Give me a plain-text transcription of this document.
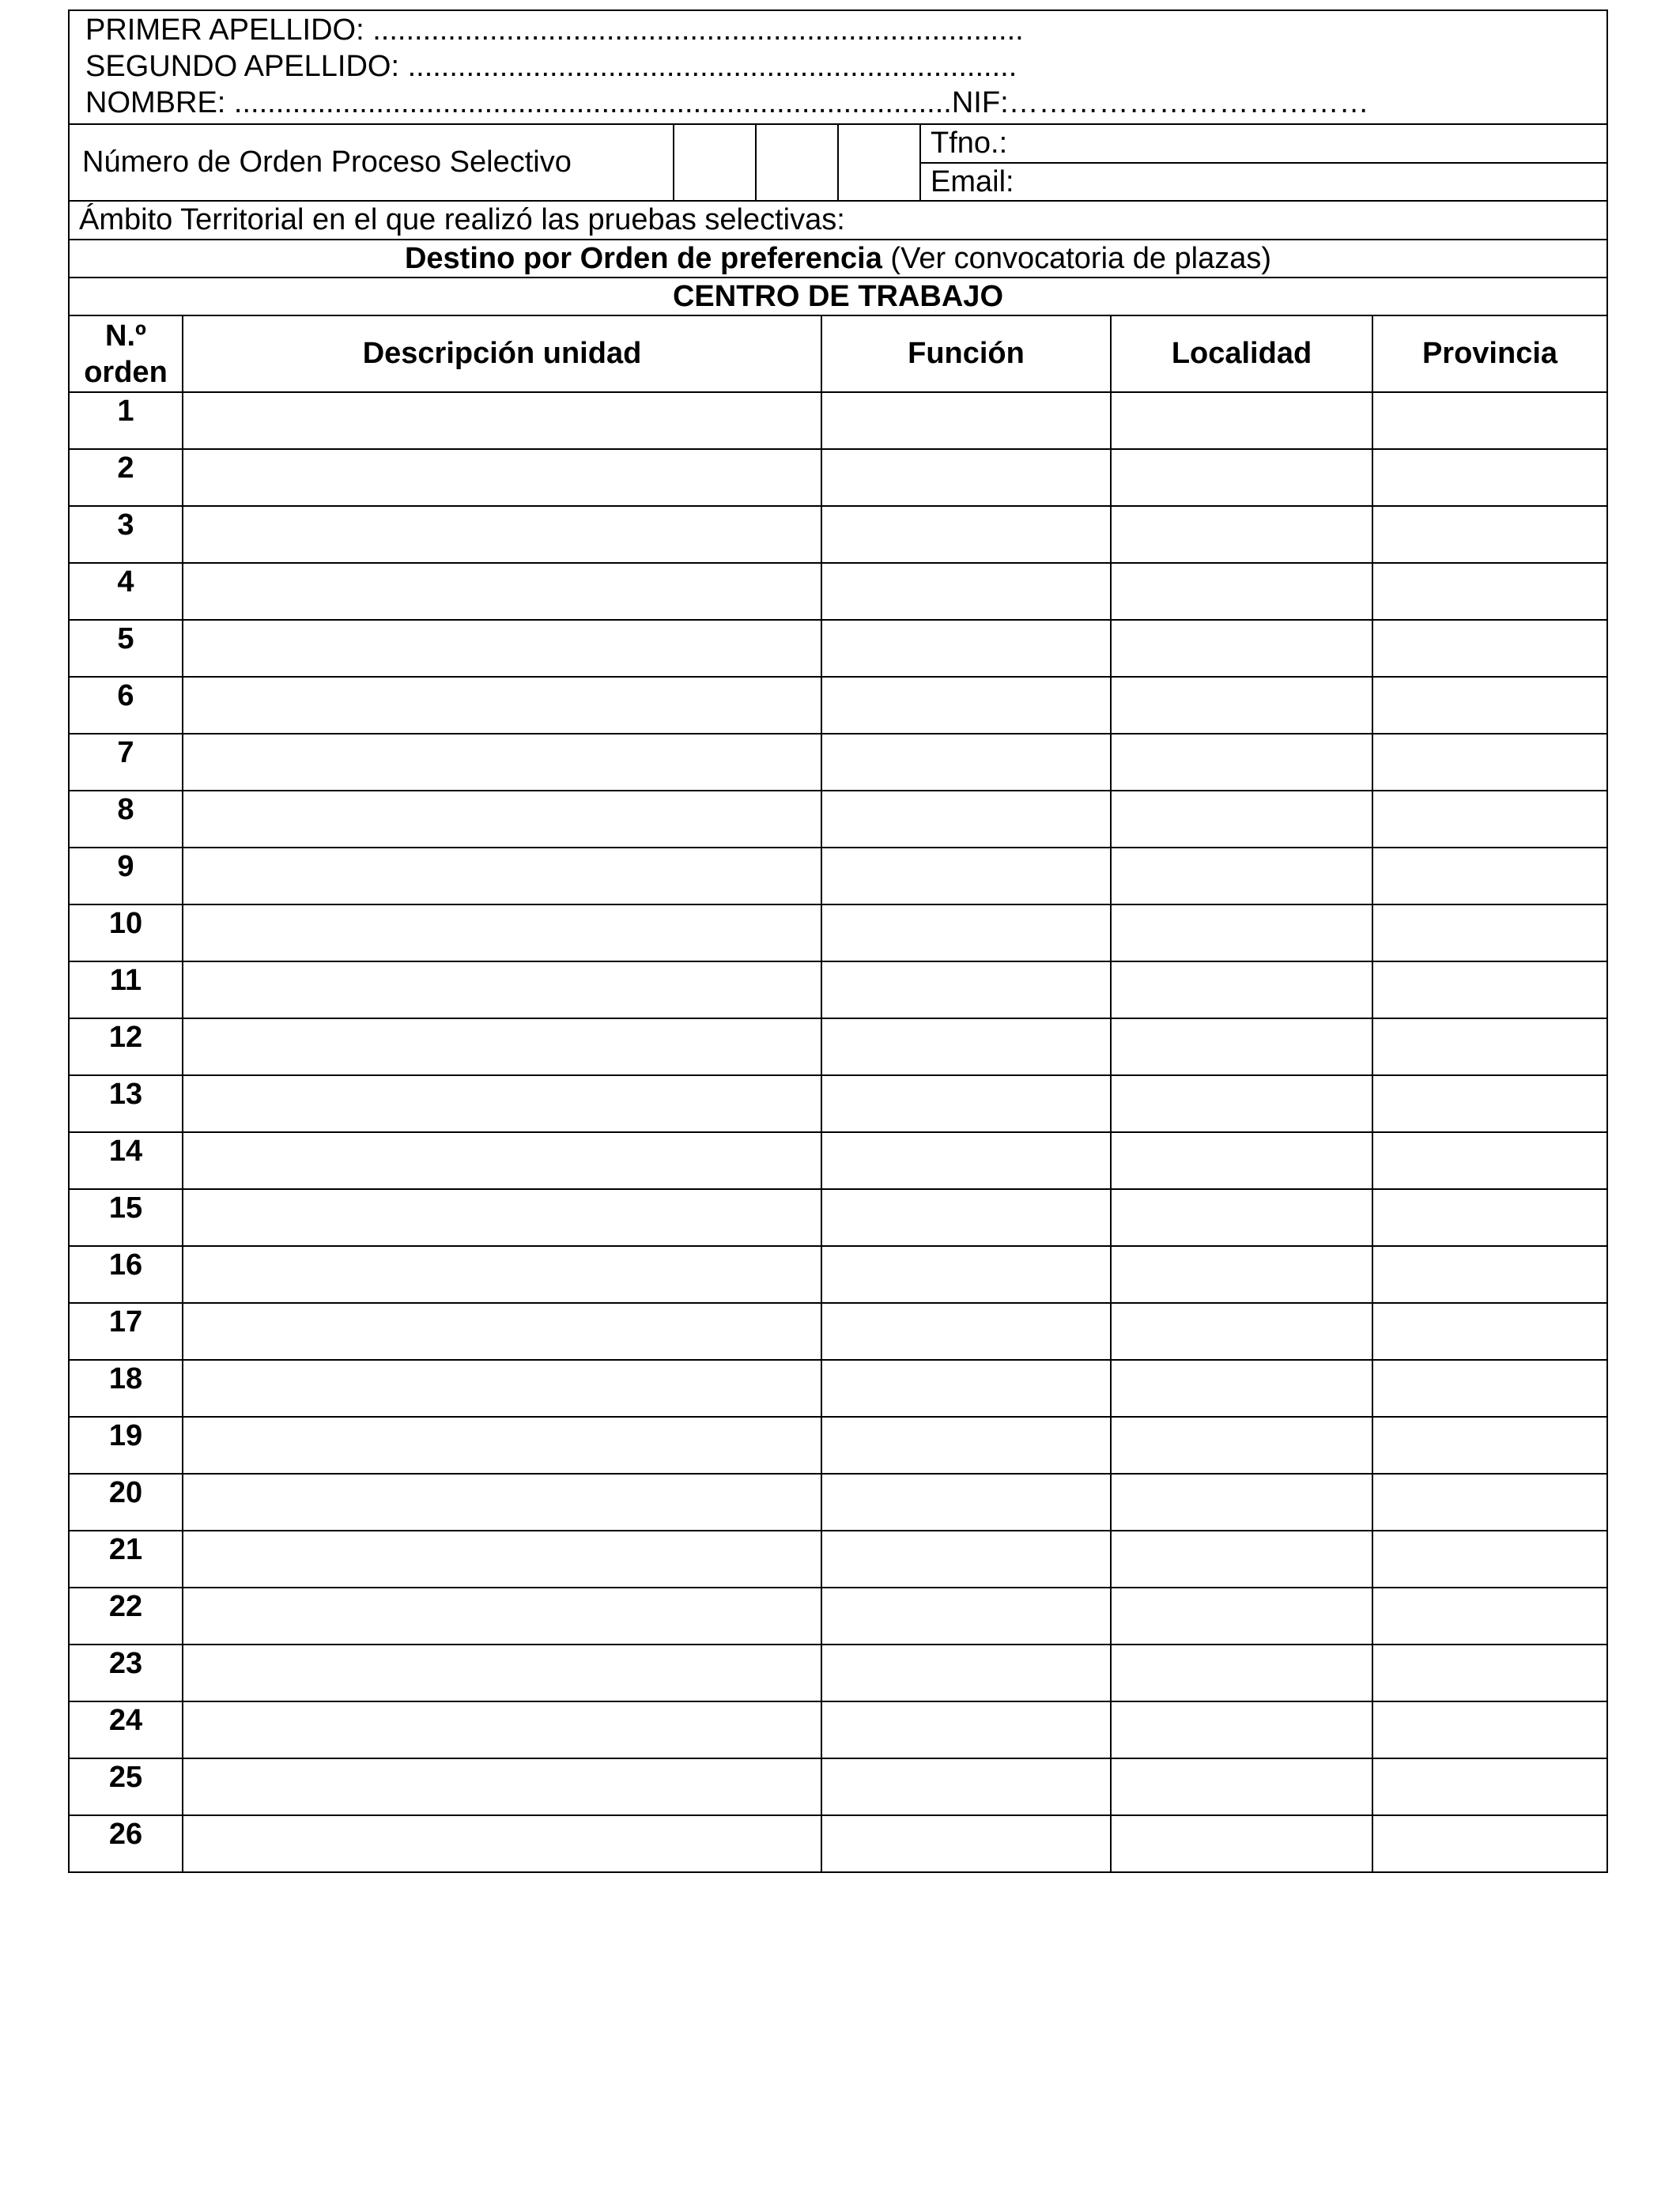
PRIMER APELLIDO: ..............................................................................
SEGUNDO APELLIDO: .........................................................................
NOMBRE: ......................................................................................NIF:………………………………
Número de Orden Proceso Selectivo				Tfno.:
Email:
Ámbito Territorial en el que realizó las pruebas selectivas:
Destino por Orden de preferencia (Ver convocatoria de plazas)
CENTRO DE TRABAJO
N.º
orden	Descripción unidad	Función	Localidad	Provincia
1				
2				
3				
4				
5				
6				
7				
8				
9				
10				
11				
12				
13				
14				
15				
16				
17				
18				
19				
20				
21				
22				
23				
24				
25				
26				
